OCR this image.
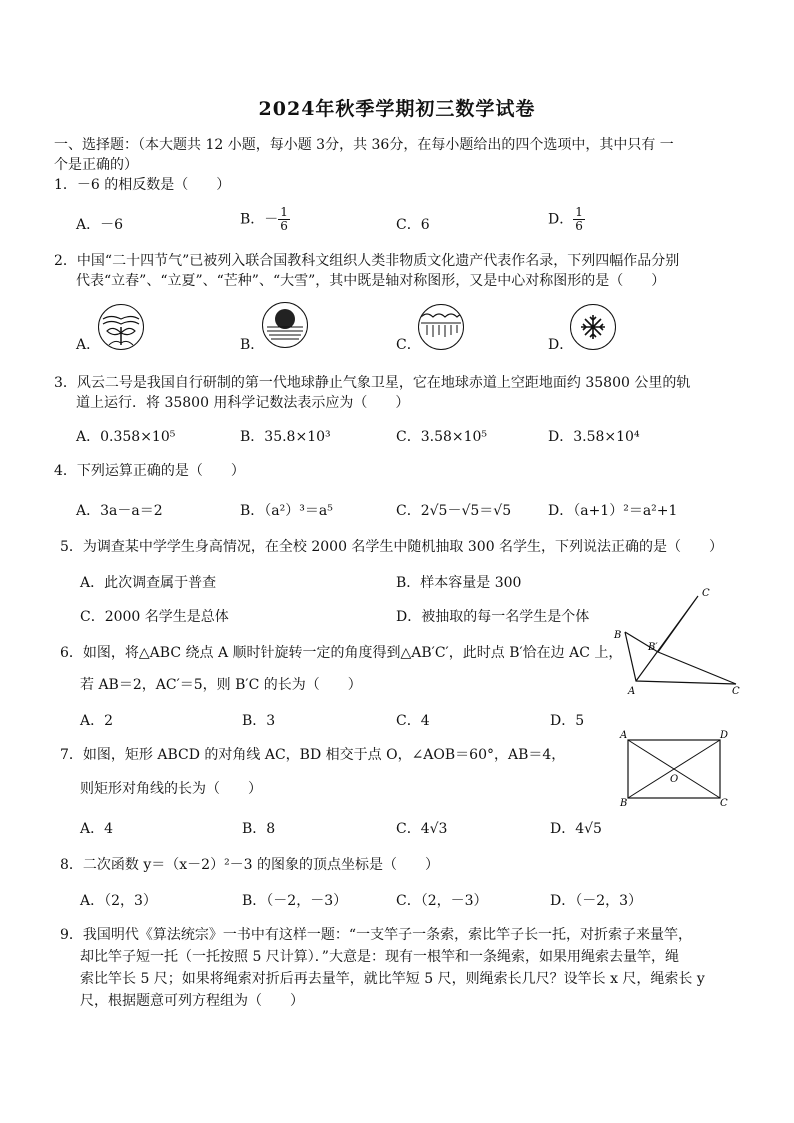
2024年秋季学期初三数学试卷
一、选择题：（本大题共 12 小题，每小题 3分，共 36分，在每小题给出的四个选项中，其中只有 一
个是正确的）
1．－6 的相反数是（　　）
A．－6	B．－ $\frac{1}{6}$	C．6	D． $\frac{1}{6}$
2．中国“二十四节气”已被列入联合国教科文组织人类非物质文化遗产代表作名录，下列四幅作品分别
代表“立春”、“立夏”、“芒种”、“大雪”，其中既是轴对称图形，又是中心对称图形的是（　　）
A．	B．	C．	D．
3．风云二号是我国自行研制的第一代地球静止气象卫星，它在地球赤道上空距地面约 35800 公里的轨
道上运行．将 35800 用科学记数法表示应为（　　）
A．0.358×10⁵	B．35.8×10³	C．3.58×10⁵	D．3.58×10⁴
4．下列运算正确的是（　　）
A．3a－a＝2	B．（a²）³＝a⁵	C．2√5－√5＝√5	D．（a+1）²＝a²+1
5．为调查某中学学生身高情况，在全校 2000 名学生中随机抽取 300 名学生，下列说法正确的是（　　）
A．此次调查属于普查	B．样本容量是 300
C．2000 名学生是总体	D．被抽取的每一名学生是个体
6．如图，将△ABC 绕点 A 顺时针旋转一定的角度得到△AB′C′，此时点 B′恰在边 AC 上，
若 AB＝2，AC′＝5，则 B′C 的长为（　　）
A．2	B．3	C．4	D．5
B
C
B′
A	C
7．如图，矩形 ABCD 的对角线 AC，BD 相交于点 O，∠AOB＝60°，AB＝4，
则矩形对角线的长为（　　）
A．4	B．8	C．4√3	D．4√5
A	D
B	C
O
8．二次函数 y＝（x－2）²－3 的图象的顶点坐标是（　　）
A．（2，3）	B．（－2，－3）	C．（2，－3）	D．（－2，3）
9．我国明代《算法统宗》一书中有这样一题：“一支竿子一条索，索比竿子长一托，对折索子来量竿，
却比竿子短一托（一托按照 5 尺计算）．”大意是：现有一根竿和一条绳索，如果用绳索去量竿，绳
索比竿长 5 尺；如果将绳索对折后再去量竿，就比竿短 5 尺，则绳索长几尺？设竿长 x 尺，绳索长 y
尺，根据题意可列方程组为（　　）
